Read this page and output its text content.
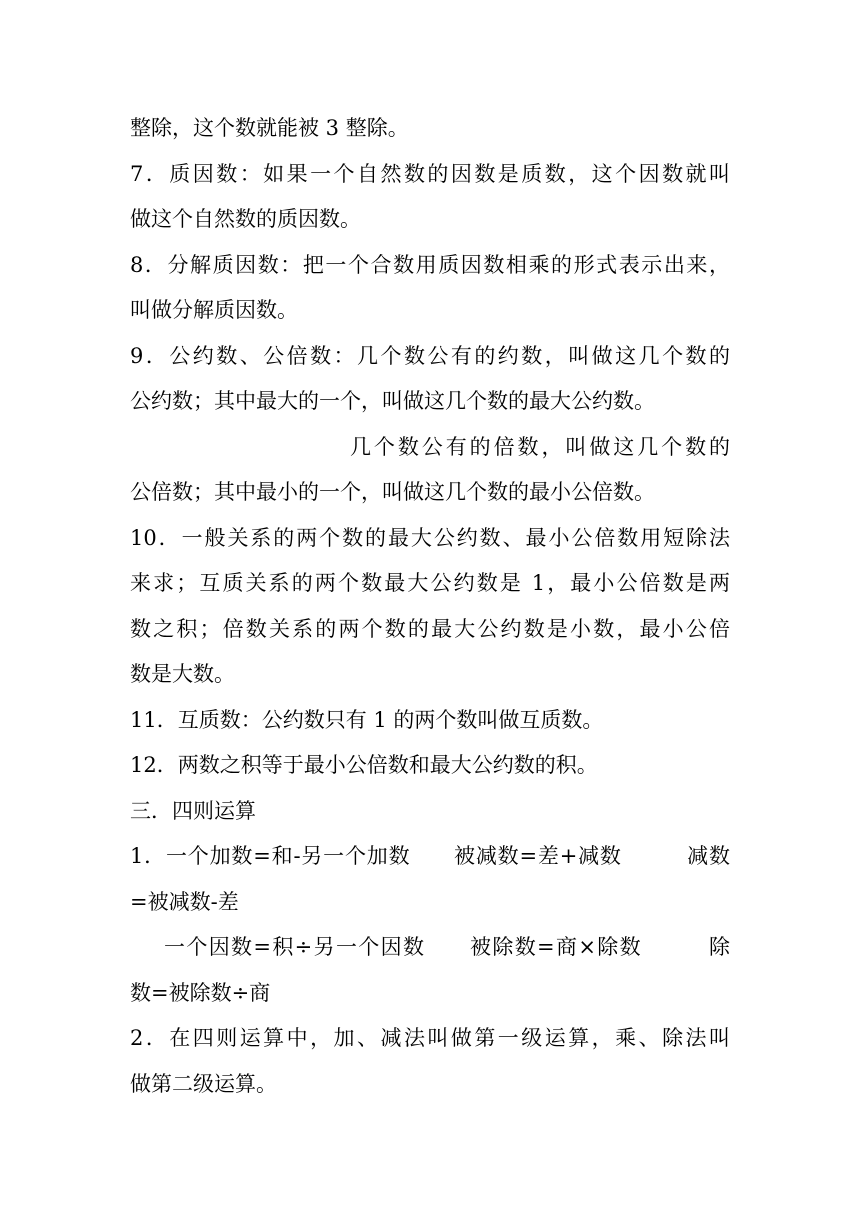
整除，这个数就能被 3 整除。
7．质因数：如果一个自然数的因数是质数，这个因数就叫
做这个自然数的质因数。
8．分解质因数：把一个合数用质因数相乘的形式表示出来，
叫做分解质因数。
9．公约数、公倍数：几个数公有的约数，叫做这几个数的
公约数；其中最大的一个，叫做这几个数的最大公约数。
几个数公有的倍数，叫做这几个数的
公倍数；其中最小的一个，叫做这几个数的最小公倍数。
10．一般关系的两个数的最大公约数、最小公倍数用短除法
来求；互质关系的两个数最大公约数是 1，最小公倍数是两
数之积；倍数关系的两个数的最大公约数是小数，最小公倍
数是大数。
11．互质数：公约数只有 1 的两个数叫做互质数。
12．两数之积等于最小公倍数和最大公约数的积。
三．四则运算
1．一个加数=和-另一个加数　　被减数=差+减数　　　减数
=被减数-差
一个因数=积÷另一个因数　　被除数=商×除数　　　除
数=被除数÷商
2．在四则运算中，加、减法叫做第一级运算，乘、除法叫
做第二级运算。
